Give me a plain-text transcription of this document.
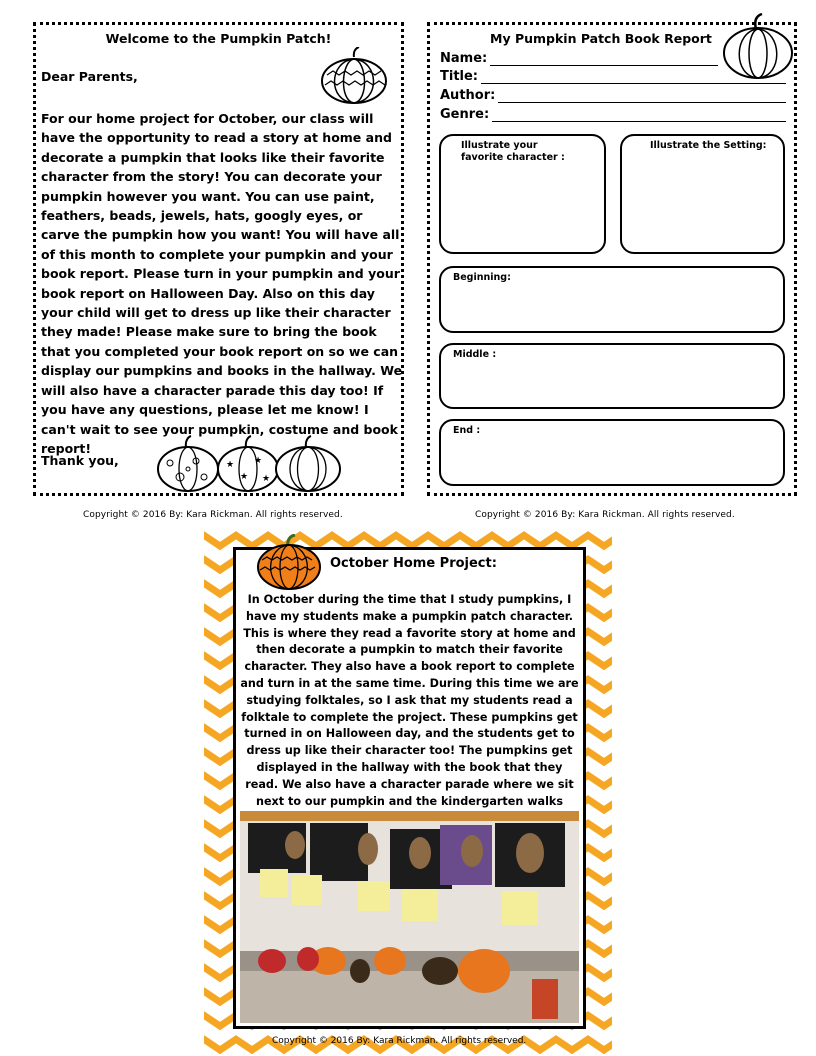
Welcome to the Pumpkin Patch!
Dear Parents,
For our home project for October, our class will have the opportunity to read a story at home and decorate a pumpkin that looks like their favorite character from the story! You can decorate your pumpkin however you want. You can use paint, feathers, beads, jewels, hats, googly eyes, or carve the pumpkin how you want! You will have all of this month to complete your pumpkin and your book report. Please turn in your pumpkin and your book report on Halloween Day. Also on this day your child will get to dress up like their character they made! Please make sure to bring the book that you completed your book report on so we can display our pumpkins and books in the hallway. We will also have a character parade this day too! If you have any questions, please let me know! I can't wait to see your pumpkin, costume and book report!
Thank you,	★
★
★
★
Copyright © 2016 By: Kara Rickman. All rights reserved.
My Pumpkin Patch Book Report
Name:
Title:
Author:
Genre:
Illustrate your favorite character :
Illustrate the Setting:
Beginning:
Middle :
End :
Copyright © 2016 By: Kara Rickman. All rights reserved.
October Home Project:
In October during the time that I study pumpkins, I have my students make a pumpkin patch character. This is where they read a favorite story at home and then decorate a pumpkin to match their favorite character. They also have a book report to complete and turn in at the same time. During this time we are studying folktales, so I ask that my students read a folktale to complete the project. These pumpkins get turned in on Halloween day, and the students get to dress up like their character too! The pumpkins get displayed in the hallway with the book that they read. We also have a character parade where we sit next to our pumpkin and the kindergarten walks
Copyright © 2016 By: Kara Rickman. All rights reserved.
